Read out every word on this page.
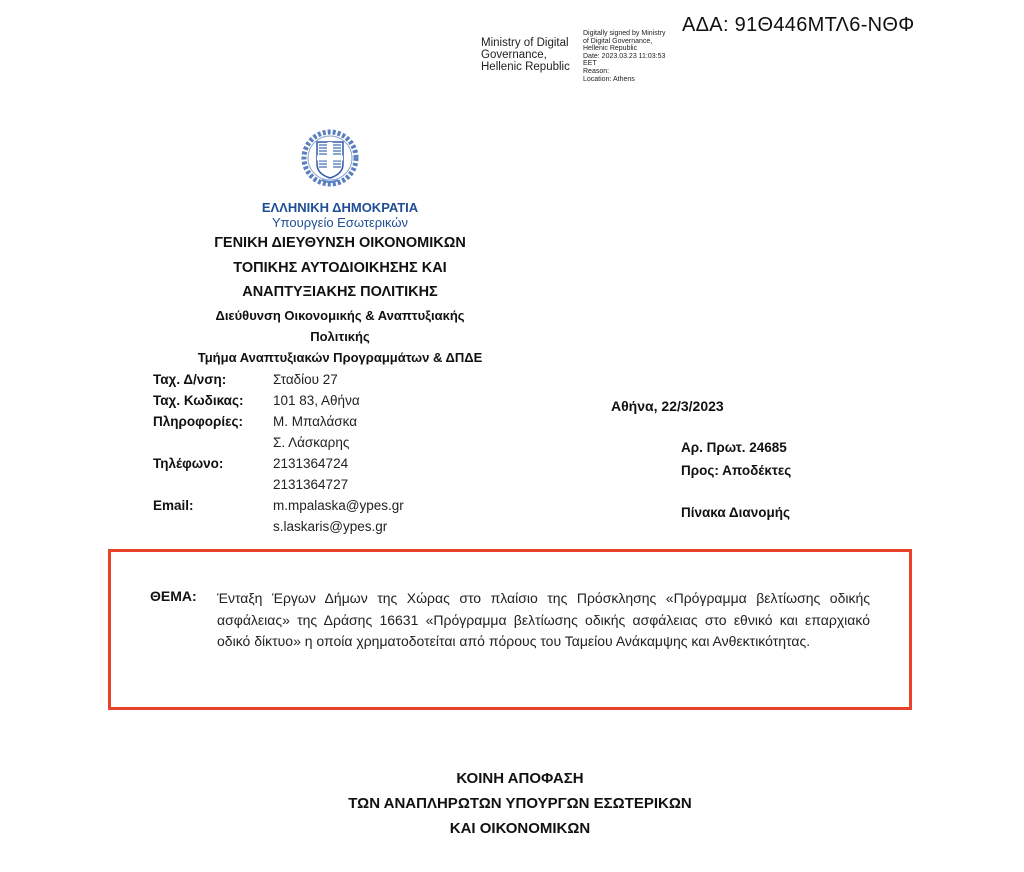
ΑΔΑ: 91Θ446ΜΤΛ6-ΝΘΦ
Ministry of Digital
Governance,
Hellenic Republic
Digitally signed by Ministry
of Digital Governance,
Hellenic Republic
Date: 2023.03.23 11:03:53
EET
Reason:
Location: Athens
ΕΛΛΗΝΙΚΗ ΔΗΜΟΚΡΑΤΙΑ
Υπουργείο Εσωτερικών
ΓΕΝΙΚΗ ΔΙΕΥΘΥΝΣΗ ΟΙΚΟΝΟΜΙΚΩΝ
ΤΟΠΙΚΗΣ ΑΥΤΟΔΙΟΙΚΗΣΗΣ ΚΑΙ
ΑΝΑΠΤΥΞΙΑΚΗΣ ΠΟΛΙΤΙΚΗΣ
Διεύθυνση Οικονομικής & Αναπτυξιακής
Πολιτικής
Τμήμα Αναπτυξιακών Προγραμμάτων & ΔΠΔΕ
Ταχ. Δ/νση:	Σταδίου 27
Ταχ. Κωδικας: 101 83, Αθήνα
Πληροφορίες: Μ. Μπαλάσκα
Σ. Λάσκαρης
Τηλέφωνο:	2131364724
2131364727
Email:	m.mpalaska@ypes.gr
s.laskaris@ypes.gr
Αθήνα, 22/3/2023
Αρ. Πρωτ. 24685
Προς: Αποδέκτες
Πίνακα Διανομής
ΘΕΜΑ: Ένταξη Έργων Δήμων της Χώρας στο πλαίσιο της Πρόσκλησης «Πρόγραμμα βελτίωσης οδικής ασφάλειας» της Δράσης 16631 «Πρόγραμμα βελτίωσης οδικής ασφάλειας στο εθνικό και επαρχιακό οδικό δίκτυο» η οποία χρηματοδοτείται από πόρους του Ταμείου Ανάκαμψης και Ανθεκτικότητας.
ΚΟΙΝΗ ΑΠΟΦΑΣΗ
ΤΩΝ ΑΝΑΠΛΗΡΩΤΩΝ ΥΠΟΥΡΓΩΝ ΕΣΩΤΕΡΙΚΩΝ
ΚΑΙ ΟΙΚΟΝΟΜΙΚΩΝ
